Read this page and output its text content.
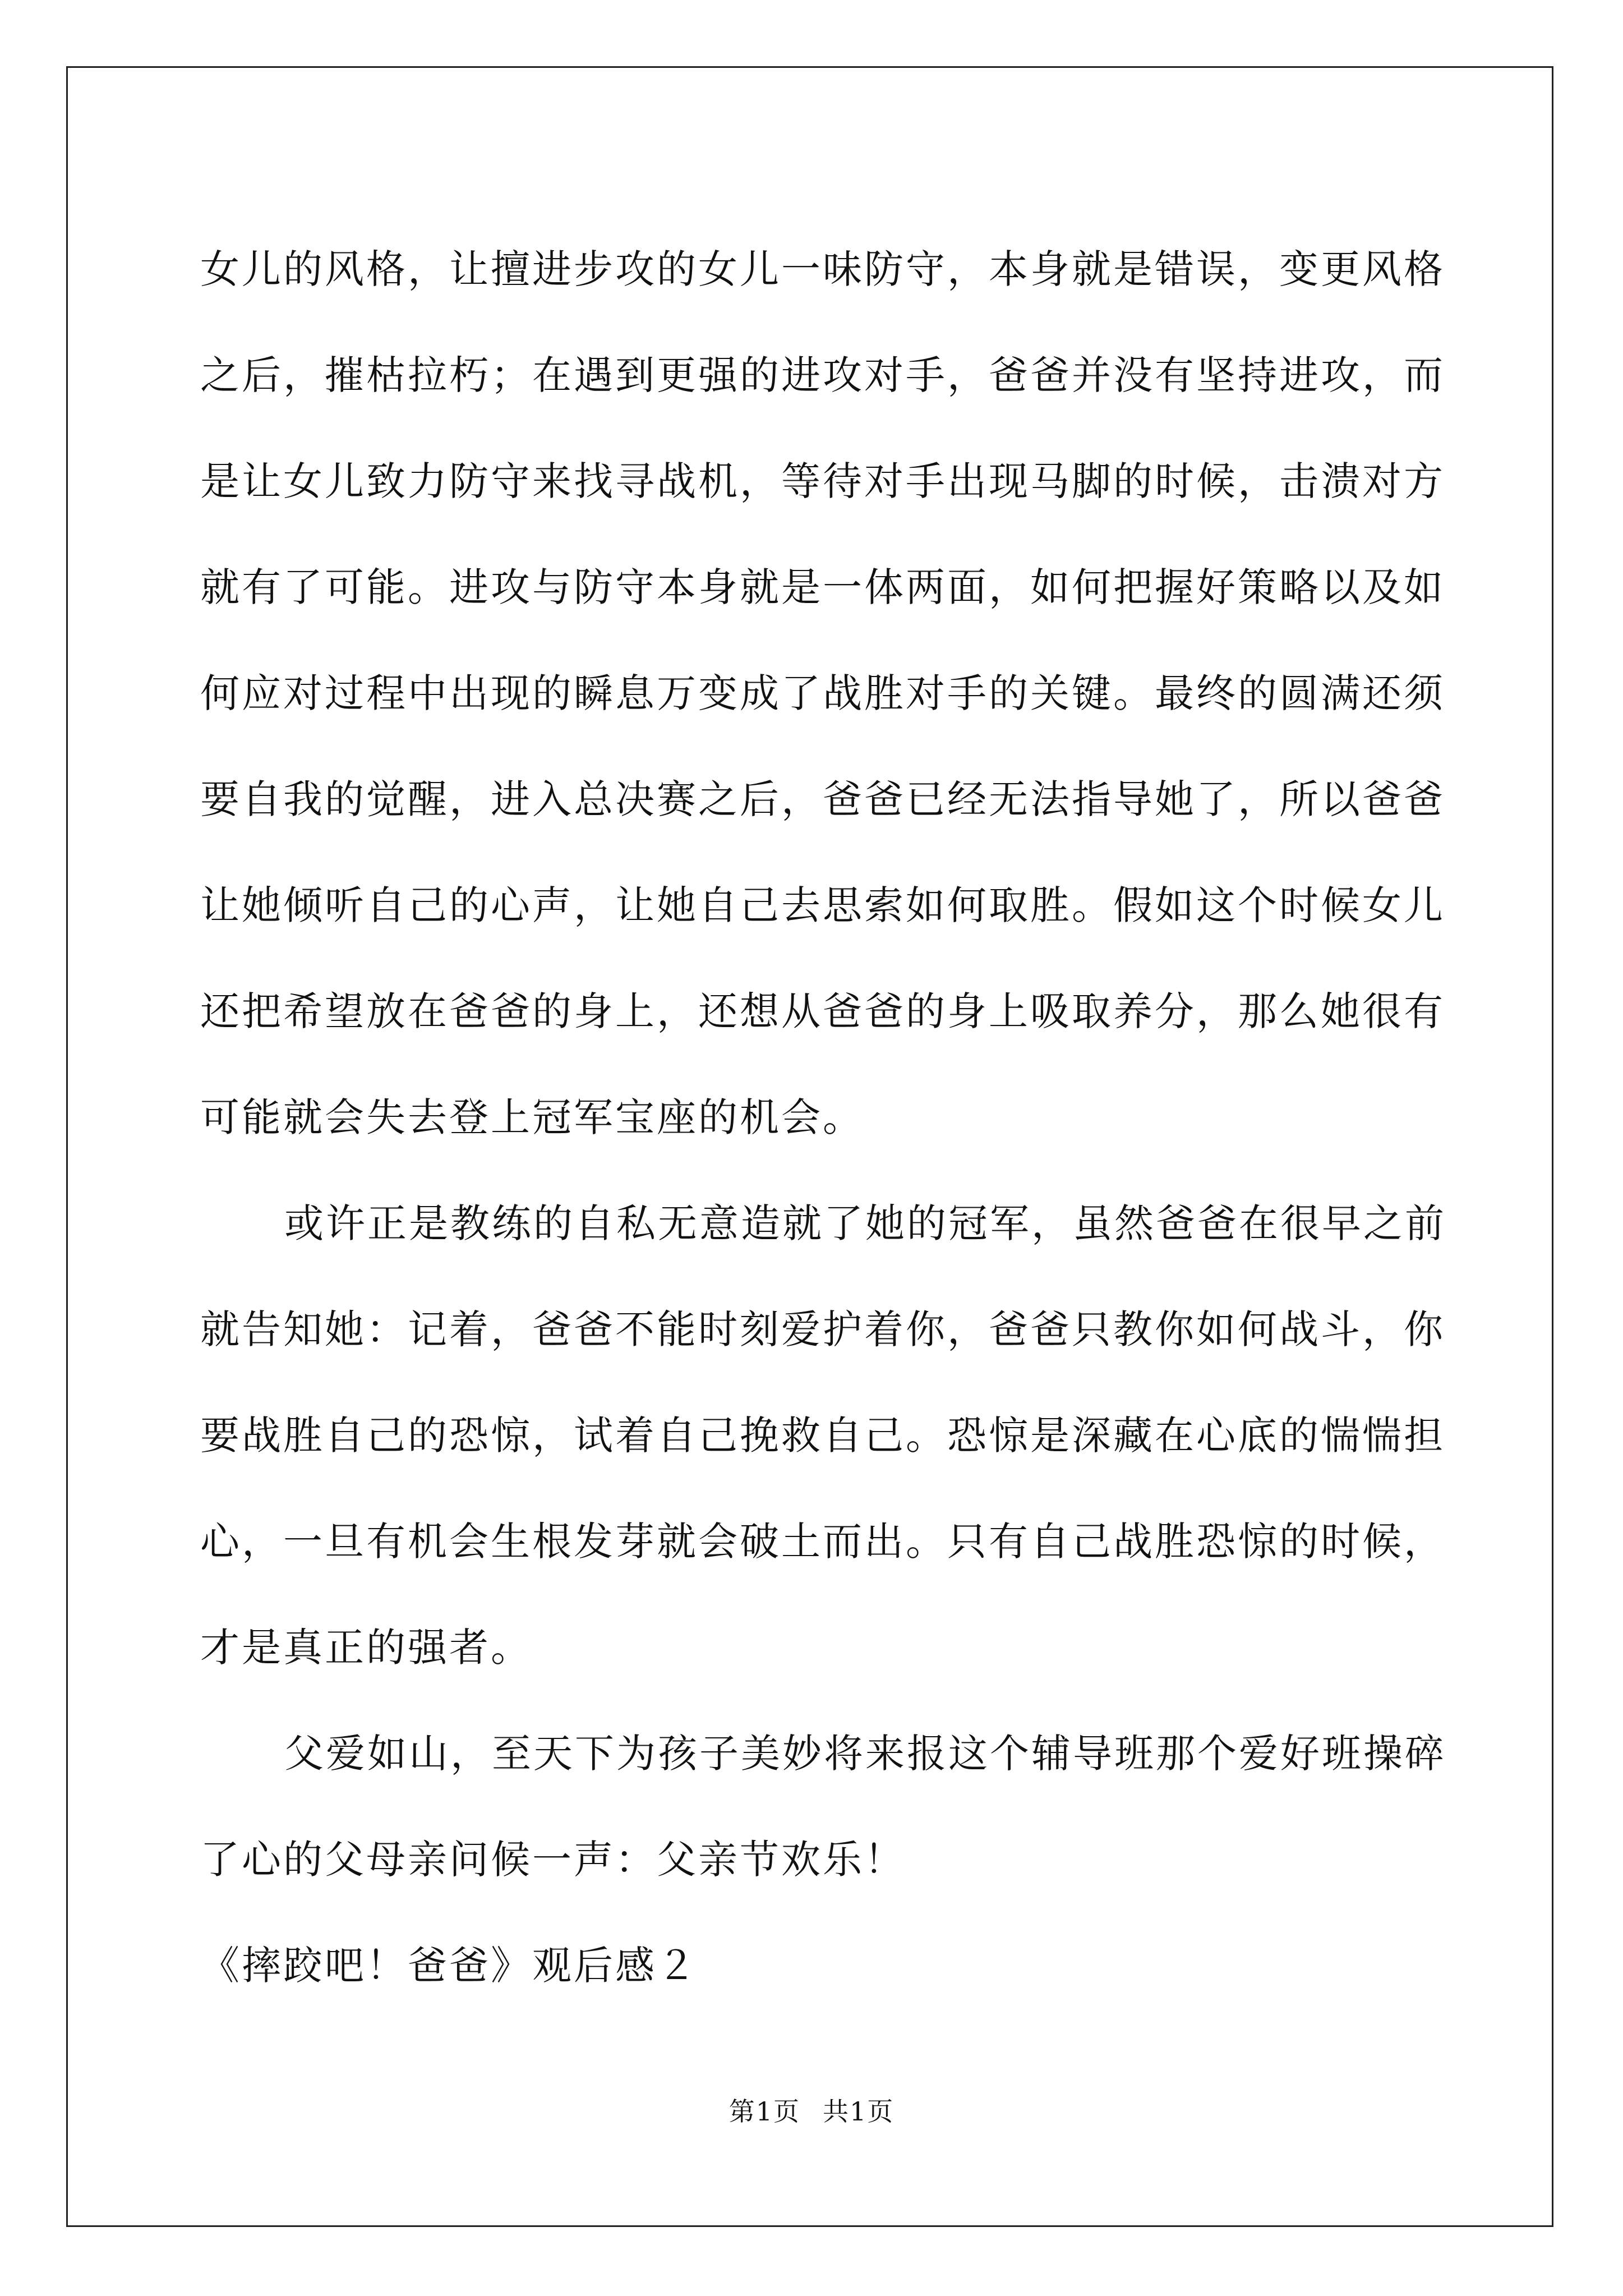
女儿的风格，让擅进步攻的女儿一味防守，本身就是错误，变更风格
之后，摧枯拉朽；在遇到更强的进攻对手，爸爸并没有坚持进攻，而
是让女儿致力防守来找寻战机，等待对手出现马脚的时候，击溃对方
就有了可能。进攻与防守本身就是一体两面，如何把握好策略以及如
何应对过程中出现的瞬息万变成了战胜对手的关键。最终的圆满还须
要自我的觉醒，进入总决赛之后，爸爸已经无法指导她了，所以爸爸
让她倾听自己的心声，让她自己去思索如何取胜。假如这个时候女儿
还把希望放在爸爸的身上，还想从爸爸的身上吸取养分，那么她很有
可能就会失去登上冠军宝座的机会。
或许正是教练的自私无意造就了她的冠军，虽然爸爸在很早之前
就告知她：记着，爸爸不能时刻爱护着你，爸爸只教你如何战斗，你
要战胜自己的恐惊，试着自己挽救自己。恐惊是深藏在心底的惴惴担
心，一旦有机会生根发芽就会破土而出。只有自己战胜恐惊的时候，
才是真正的强者。
父爱如山，至天下为孩子美妙将来报这个辅导班那个爱好班操碎
了心的父母亲问候一声：父亲节欢乐！
《摔跤吧！爸爸》观后感２
第1页 共1页
